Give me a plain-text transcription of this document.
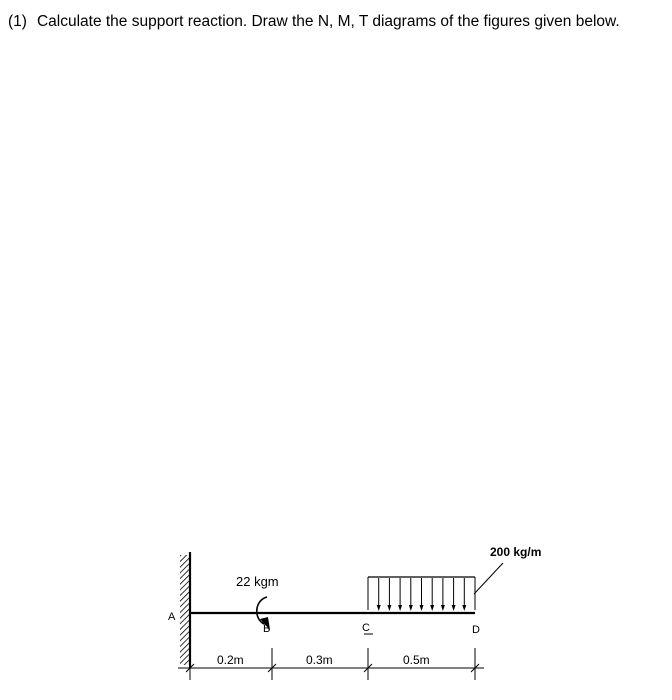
(1) Calculate the support reaction. Draw the N, M, T diagrams of the figures given below.
A
22 kgm
B	C
200 kg/m
D
0.2m	0.3m	0.5m
